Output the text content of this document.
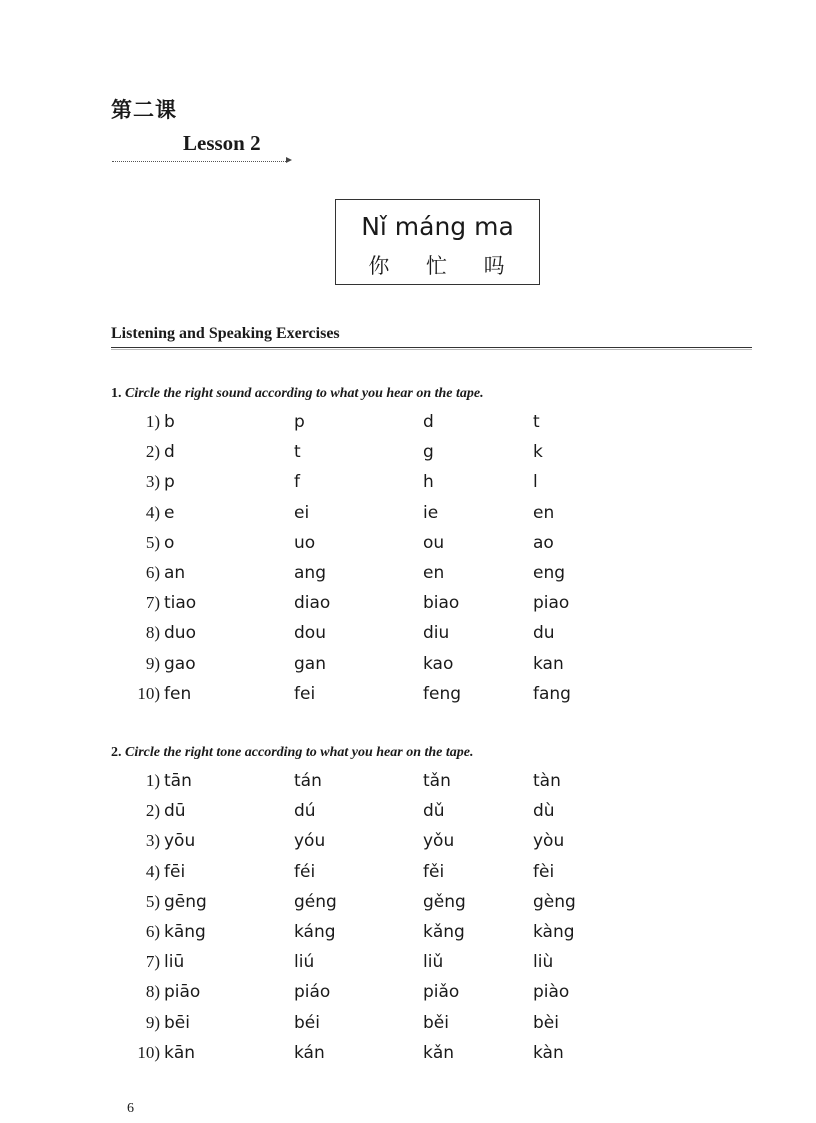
第二课
Lesson 2
Nǐ máng ma
你 忙 吗
Listening and Speaking Exercises
1. Circle the right sound according to what you hear on the tape.
1) b	p	d	t
2) d	t	g	k
3) p	f	h	l
4) e	ei	ie	en
5) o	uo	ou	ao
6) an	ang	en	eng
7) tiao	diao	biao	piao
8) duo	dou	diu	du
9) gao	gan	kao	kan
10) fen	fei	feng	fang
2. Circle the right tone according to what you hear on the tape.
1) tān	tán	tǎn	tàn
2) dū	dú	dǔ	dù
3) yōu	yóu	yǒu	yòu
4) fēi	féi	fěi	fèi
5) gēng	géng	gěng	gèng
6) kāng	káng	kǎng	kàng
7) liū	liú	liǔ	liù
8) piāo	piáo	piǎo	piào
9) bēi	béi	běi	bèi
10) kān	kán	kǎn	kàn
6
